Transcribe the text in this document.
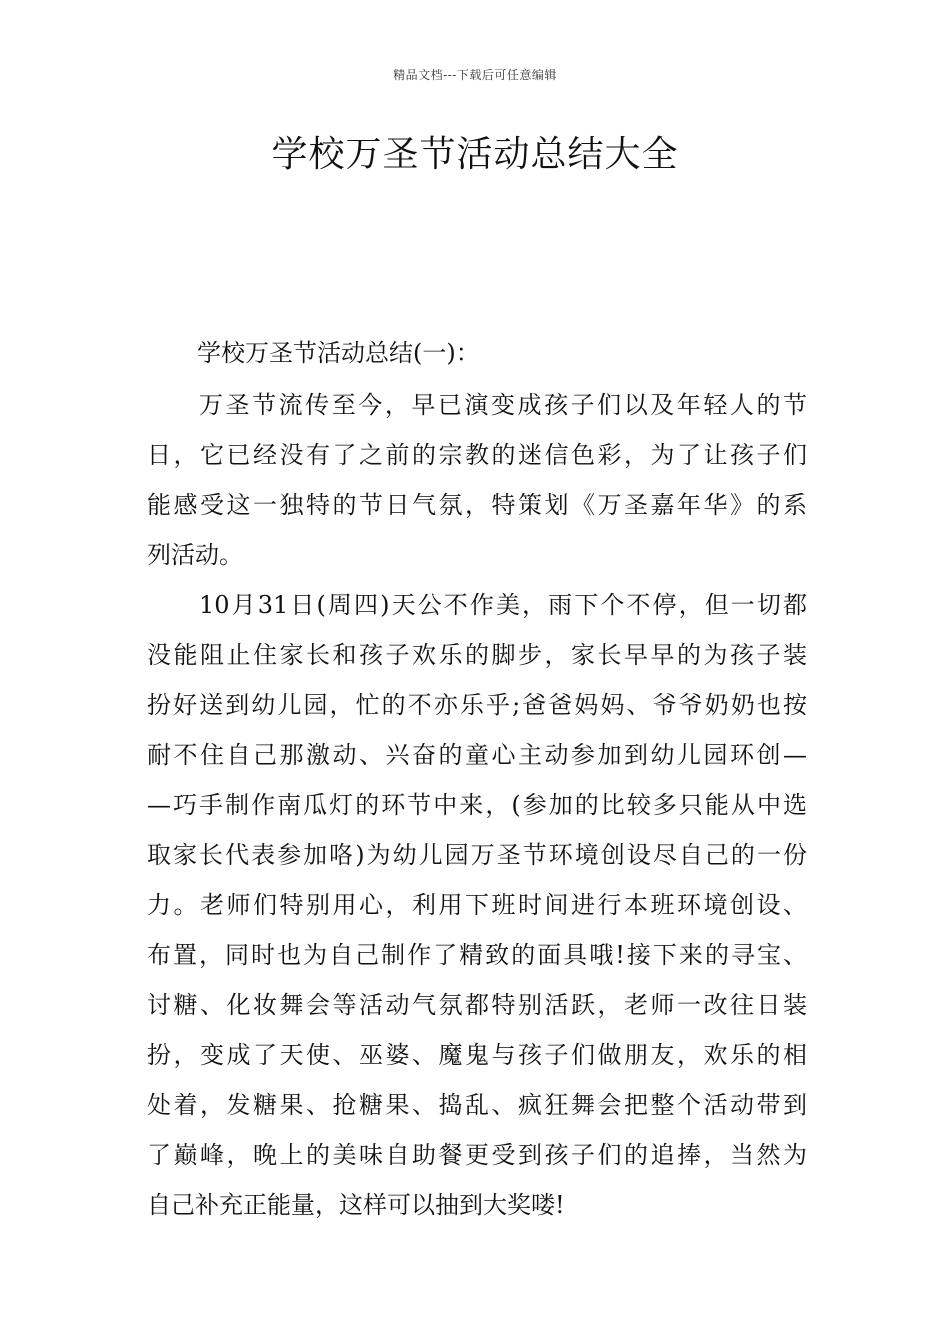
精品文档---下载后可任意编辑
学校万圣节活动总结大全

学校万圣节活动总结(一)：

万圣节流传至今，早已演变成孩子们以及年轻人的节
日，它已经没有了之前的宗教的迷信色彩，为了让孩子们
能感受这一独特的节日气氛，特策划《万圣嘉年华》的系
列活动。
10月31日(周四)天公不作美，雨下个不停，但一切都
没能阻止住家长和孩子欢乐的脚步，家长早早的为孩子装
扮好送到幼儿园，忙的不亦乐乎;爸爸妈妈、爷爷奶奶也按
耐不住自己那激动、兴奋的童心主动参加到幼儿园环创—
—巧手制作南瓜灯的环节中来，(参加的比较多只能从中选
取家长代表参加咯)为幼儿园万圣节环境创设尽自己的一份
力。老师们特别用心，利用下班时间进行本班环境创设、
布置，同时也为自己制作了精致的面具哦!接下来的寻宝、
讨糖、化妆舞会等活动气氛都特别活跃，老师一改往日装
扮，变成了天使、巫婆、魔鬼与孩子们做朋友，欢乐的相
处着，发糖果、抢糖果、捣乱、疯狂舞会把整个活动带到
了巅峰，晚上的美味自助餐更受到孩子们的追捧，当然为
自己补充正能量，这样可以抽到大奖喽!
